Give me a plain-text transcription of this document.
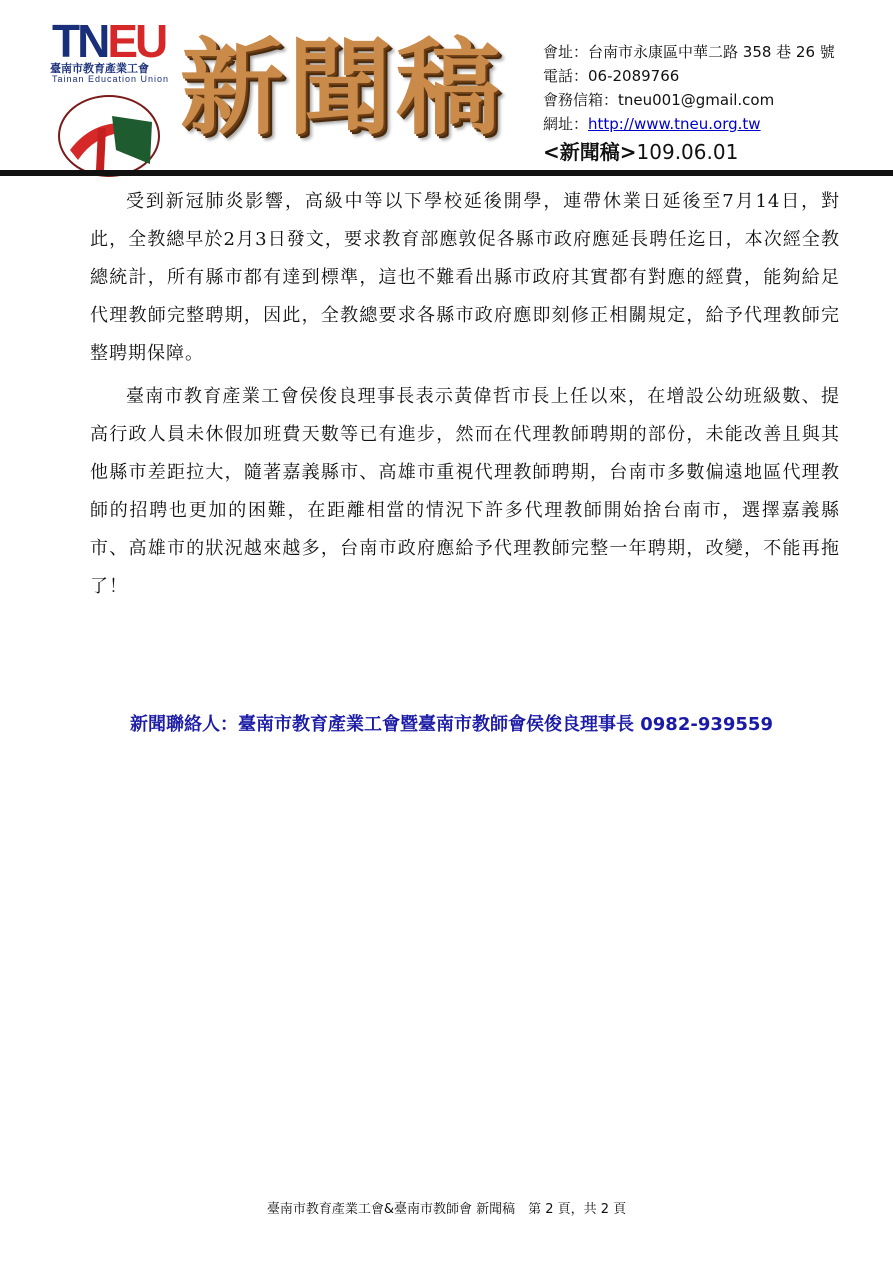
TNEU
臺南市教育產業工會
Tainan Education Union 新聞稿	會址：台南市永康區中華二路 358 巷 26 號
電話：06-2089766
會務信箱：tneu001@gmail.com
網址：http://www.tneu.org.tw
<新聞稿>109.06.01

受到新冠肺炎影響，高級中等以下學校延後開學，連帶休業日延後至7月14日，對此，全教總早於2月3日發文，要求教育部應敦促各縣市政府應延長聘任迄日，本次經全教總統計，所有縣市都有達到標準，這也不難看出縣市政府其實都有對應的經費，能夠給足代理教師完整聘期，因此，全教總要求各縣市政府應即刻修正相關規定，給予代理教師完整聘期保障。

臺南市教育產業工會侯俊良理事長表示黃偉哲市長上任以來，在增設公幼班級數、提高行政人員未休假加班費天數等已有進步，然而在代理教師聘期的部份，未能改善且與其他縣市差距拉大，隨著嘉義縣市、高雄市重視代理教師聘期，台南市多數偏遠地區代理教師的招聘也更加的困難，在距離相當的情況下許多代理教師開始捨台南市，選擇嘉義縣市、高雄市的狀況越來越多，台南市政府應給予代理教師完整一年聘期，改變，不能再拖了！

新聞聯絡人：臺南市教育產業工會暨臺南市教師會侯俊良理事長 0982-939559
臺南市教育產業工會&臺南市教師會 新聞稿　第 2 頁，共 2 頁
